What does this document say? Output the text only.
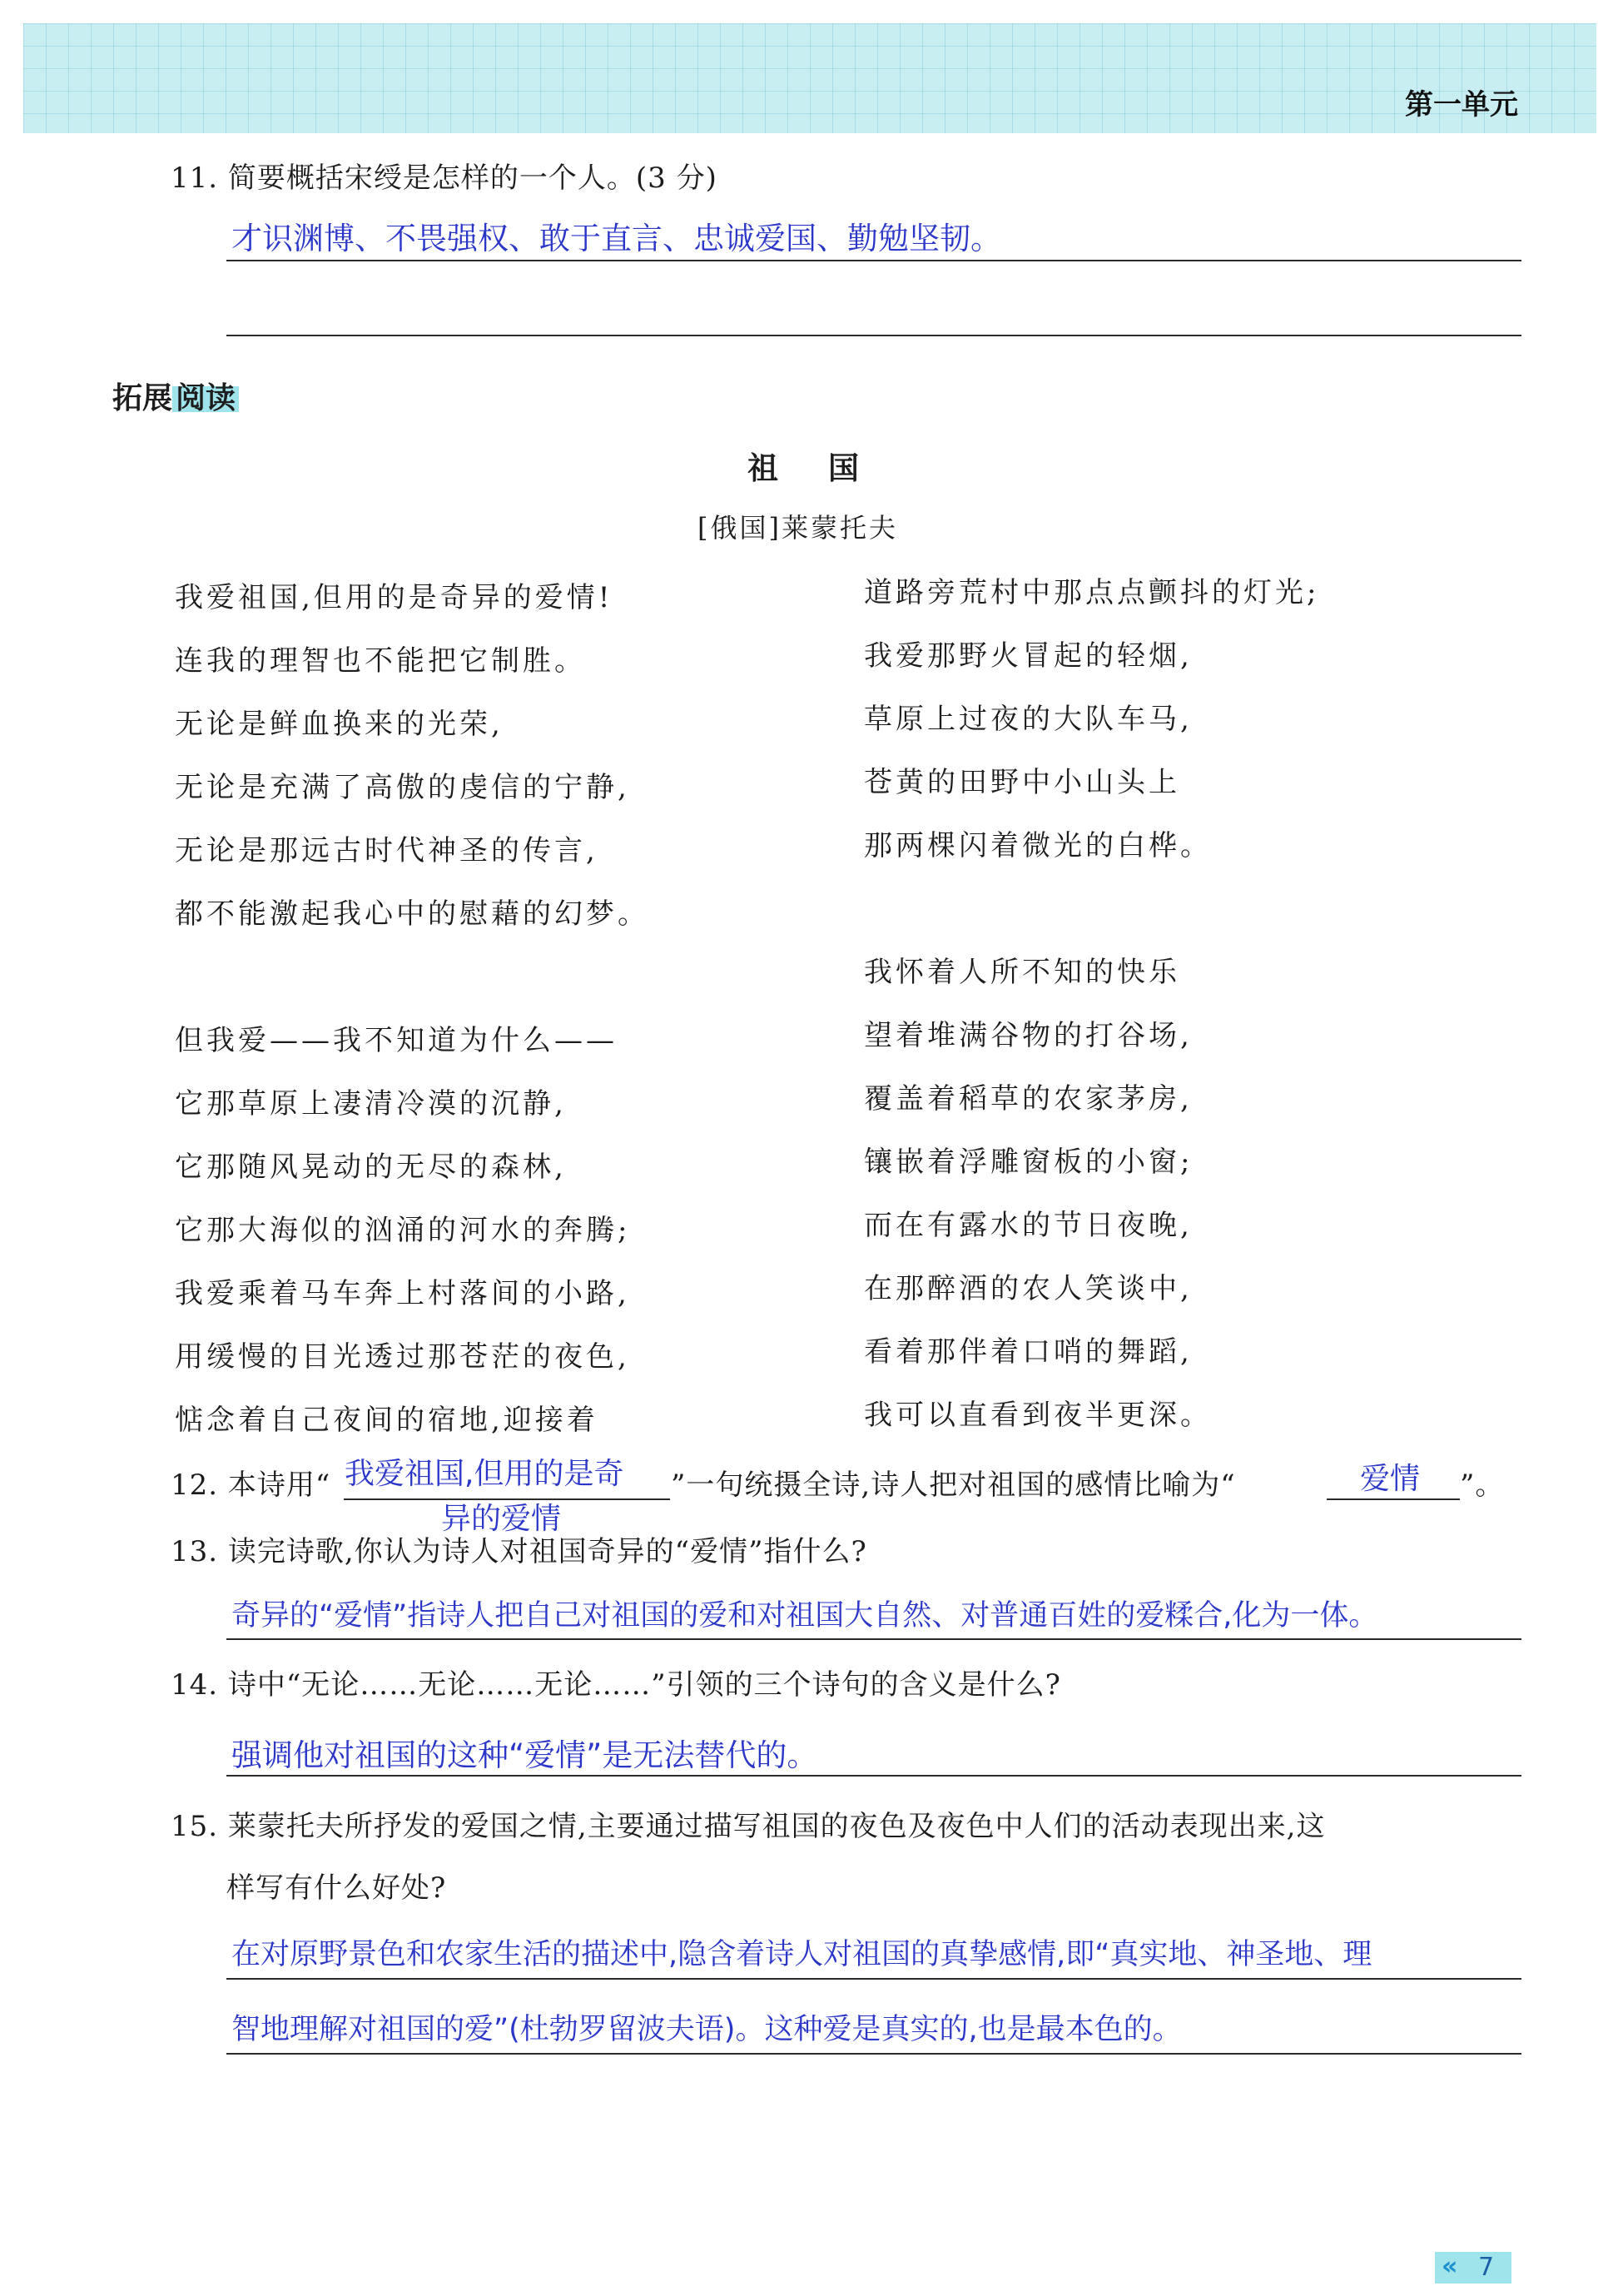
第一单元
11. 简要概括宋绶是怎样的一个人。(3 分)
才识渊博、不畏强权、敢于直言、忠诚爱国、勤勉坚韧。
拓展 阅读
祖国
[俄国]莱蒙托夫
我爱祖国,但用的是奇异的爱情!
连我的理智也不能把它制胜。
无论是鲜血换来的光荣,
无论是充满了高傲的虔信的宁静,
无论是那远古时代神圣的传言,
都不能激起我心中的慰藉的幻梦。
但我爱——我不知道为什么——
它那草原上凄清冷漠的沉静,
它那随风晃动的无尽的森林,
它那大海似的汹涌的河水的奔腾;
我爱乘着马车奔上村落间的小路,
用缓慢的目光透过那苍茫的夜色,
惦念着自己夜间的宿地,迎接着
道路旁荒村中那点点颤抖的灯光;
我爱那野火冒起的轻烟,
草原上过夜的大队车马,
苍黄的田野中小山头上
那两棵闪着微光的白桦。
我怀着人所不知的快乐
望着堆满谷物的打谷场,
覆盖着稻草的农家茅房,
镶嵌着浮雕窗板的小窗;
而在有露水的节日夜晚,
在那醉酒的农人笑谈中,
看着那伴着口哨的舞蹈,
我可以直看到夜半更深。
12. 本诗用“ 我爱祖国,但用的是奇
异的爱情
”一句统摄全诗,诗人把对祖国的感情比喻为“	爱情 ”。
13. 读完诗歌,你认为诗人对祖国奇异的“爱情”指什么?
奇异的“爱情”指诗人把自己对祖国的爱和对祖国大自然、对普通百姓的爱糅合,化为一体。
14. 诗中“无论……无论……无论……”引领的三个诗句的含义是什么?
强调他对祖国的这种“爱情”是无法替代的。
15. 莱蒙托夫所抒发的爱国之情,主要通过描写祖国的夜色及夜色中人们的活动表现出来,这
样写有什么好处?
在对原野景色和农家生活的描述中,隐含着诗人对祖国的真挚感情,即“真实地、神圣地、理
智地理解对祖国的爱”(杜勃罗留波夫语)。这种爱是真实的,也是最本色的。
« 7
